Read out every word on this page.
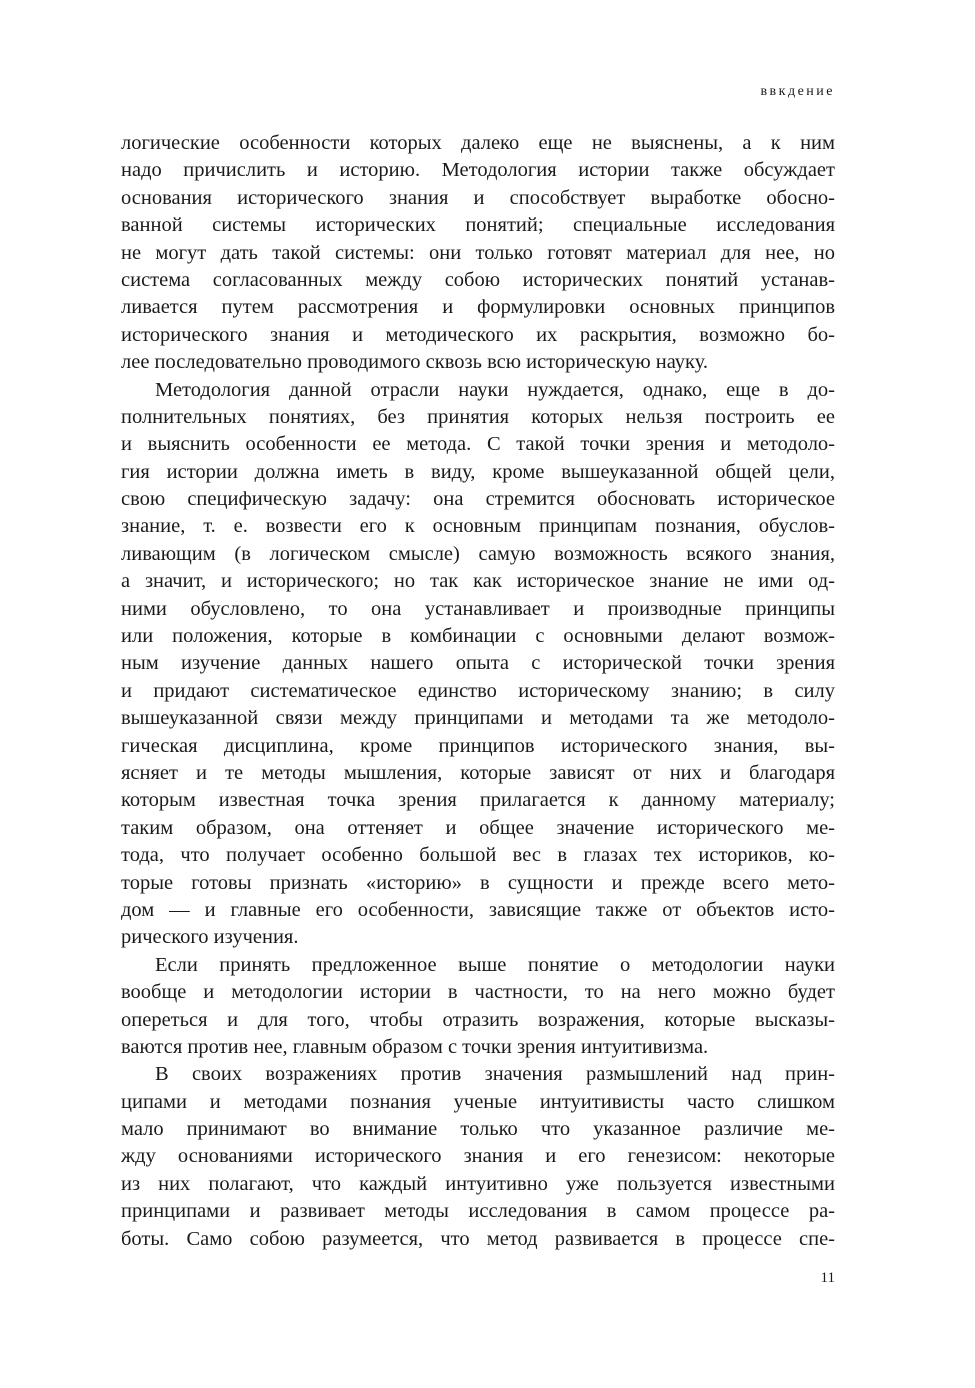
ввкдение
логические особенности которых далеко еще не выяснены, а к ним
надо причислить и историю. Методология истории также обсуждает
основания исторического знания и способствует выработке обосно-
ванной системы исторических понятий; специальные исследования
не могут дать такой системы: они только готовят материал для нее, но
система согласованных между собою исторических понятий устанав-
ливается путем рассмотрения и формулировки основных принципов
исторического знания и методического их раскрытия, возможно бо-
лее последовательно проводимого сквозь всю историческую науку.
Методология данной отрасли науки нуждается, однако, еще в до-
полнительных понятиях, без принятия которых нельзя построить ее
и выяснить особенности ее метода. С такой точки зрения и методоло-
гия истории должна иметь в виду, кроме вышеуказанной общей цели,
свою специфическую задачу: она стремится обосновать историческое
знание, т. е. возвести его к основным принципам познания, обуслов-
ливающим (в логическом смысле) самую возможность всякого знания,
а значит, и исторического; но так как историческое знание не ими од-
ними обусловлено, то она устанавливает и производные принципы
или положения, которые в комбинации с основными делают возмож-
ным изучение данных нашего опыта с исторической точки зрения
и придают систематическое единство историческому знанию; в силу
вышеуказанной связи между принципами и методами та же методоло-
гическая дисциплина, кроме принципов исторического знания, вы-
ясняет и те методы мышления, которые зависят от них и благодаря
которым известная точка зрения прилагается к данному материалу;
таким образом, она оттеняет и общее значение исторического ме-
тода, что получает особенно большой вес в глазах тех историков, ко-
торые готовы признать «историю» в сущности и прежде всего мето-
дом — и главные его особенности, зависящие также от объектов исто-
рического изучения.
Если принять предложенное выше понятие о методологии науки
вообще и методологии истории в частности, то на него можно будет
опереться и для того, чтобы отразить возражения, которые высказы-
ваются против нее, главным образом с точки зрения интуитивизма.
В своих возражениях против значения размышлений над прин-
ципами и методами познания ученые интуитивисты часто слишком
мало принимают во внимание только что указанное различие ме-
жду основаниями исторического знания и его генезисом: некоторые
из них полагают, что каждый интуитивно уже пользуется известными
принципами и развивает методы исследования в самом процессе ра-
боты. Само собою разумеется, что метод развивается в процессе спе-
11
